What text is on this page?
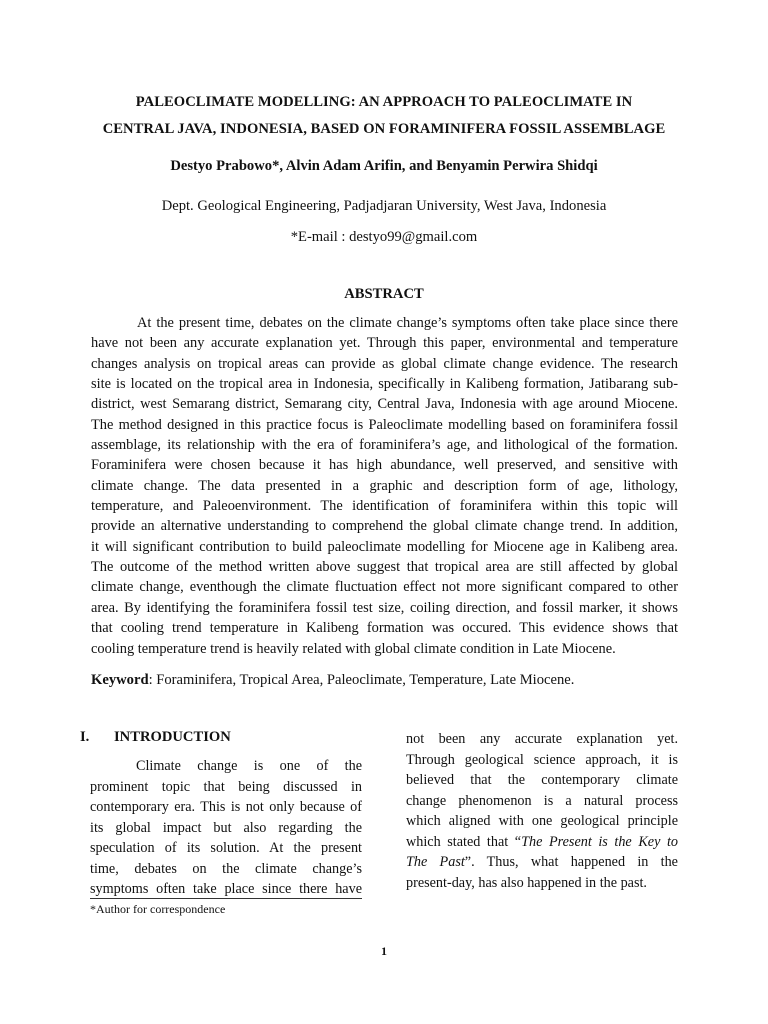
PALEOCLIMATE MODELLING: AN APPROACH TO PALEOCLIMATE IN
CENTRAL JAVA, INDONESIA, BASED ON FORAMINIFERA FOSSIL ASSEMBLAGE
Destyo Prabowo*, Alvin Adam Arifin, and Benyamin Perwira Shidqi
Dept. Geological Engineering, Padjadjaran University, West Java, Indonesia
*E-mail : destyo99@gmail.com
ABSTRACT
At the present time, debates on the climate change’s symptoms often take place since there
have not been any accurate explanation yet. Through this paper, environmental and temperature
changes analysis on tropical areas can provide as global climate change evidence. The research
site is located on the tropical area in Indonesia, specifically in Kalibeng formation, Jatibarang sub-
district, west Semarang district, Semarang city, Central Java, Indonesia with age around Miocene.
The method designed in this practice focus is Paleoclimate modelling based on foraminifera fossil
assemblage, its relationship with the era of foraminifera’s age, and lithological of the formation.
Foraminifera were chosen because it has high abundance, well preserved, and sensitive with
climate change. The data presented in a graphic and description form of age, lithology,
temperature, and Paleoenvironment. The identification of foraminifera within this topic will
provide an alternative understanding to comprehend the global climate change trend. In addition,
it will significant contribution to build paleoclimate modelling for Miocene age in Kalibeng area.
The outcome of the method written above suggest that tropical area are still affected by global
climate change, eventhough the climate fluctuation effect not more significant compared to other
area. By identifying the foraminifera fossil test size, coiling direction, and fossil marker, it shows
that cooling trend temperature in Kalibeng formation was occured. This evidence shows that
cooling temperature trend is heavily related with global climate condition in Late Miocene.
Keyword: Foraminifera, Tropical Area, Paleoclimate, Temperature, Late Miocene.
I. INTRODUCTION
Climate change is one of the
prominent topic that being discussed in
contemporary era. This is not only because of
its global impact but also regarding the
speculation of its solution. At the present
time, debates on the climate change’s
symptoms often take place since there have
not been any accurate explanation yet.
Through geological science approach, it is
believed that the contemporary climate
change phenomenon is a natural process
which aligned with one geological principle
which stated that “The Present is the Key to
The Past”. Thus, what happened in the
present-day, has also happened in the past.
*Author for correspondence
1
